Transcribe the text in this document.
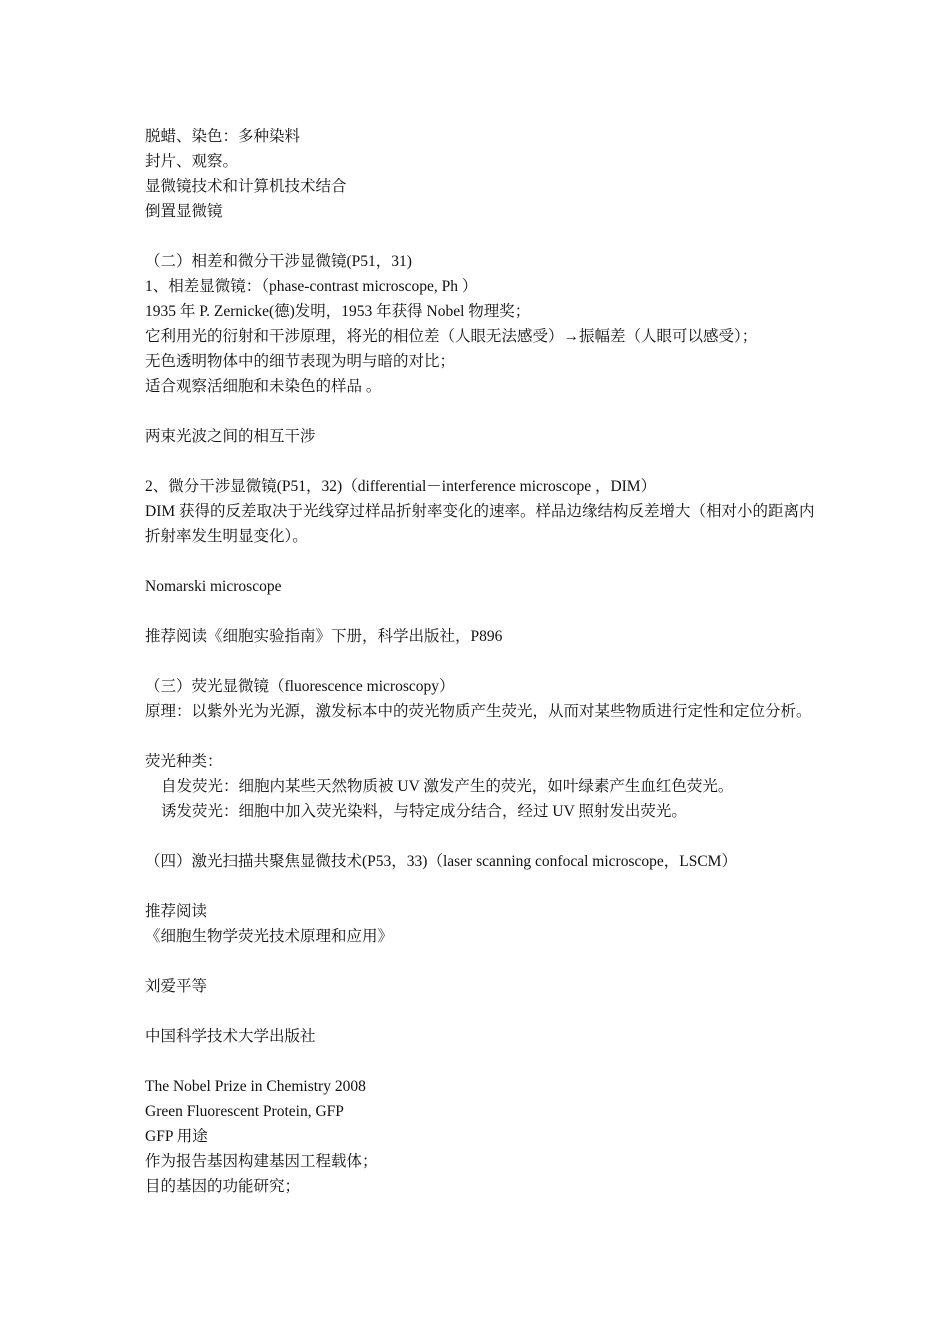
脱蜡、染色：多种染料

封片、观察。

显微镜技术和计算机技术结合

倒置显微镜

（二）相差和微分干涉显微镜(P51，31)

1、相差显微镜：（phase-contrast microscope, Ph ）

1935 年 P. Zernicke(德)发明，1953 年获得 Nobel 物理奖；

它利用光的衍射和干涉原理，将光的相位差（人眼无法感受）→振幅差（人眼可以感受）；

无色透明物体中的细节表现为明与暗的对比；

适合观察活细胞和未染色的样品 。

两束光波之间的相互干涉

2、微分干涉显微镜(P51，32)（differential－interference microscope ，DIM）

DIM 获得的反差取决于光线穿过样品折射率变化的速率。样品边缘结构反差增大（相对小的距离内折射率发生明显变化）。

Nomarski microscope

推荐阅读《细胞实验指南》下册，科学出版社，P896

（三）荧光显微镜（fluorescence microscopy）

原理：以紫外光为光源，激发标本中的荧光物质产生荧光，从而对某些物质进行定性和定位分析。

荧光种类：

自发荧光：细胞内某些天然物质被 UV 激发产生的荧光，如叶绿素产生血红色荧光。

诱发荧光：细胞中加入荧光染料，与特定成分结合，经过 UV 照射发出荧光。

（四）激光扫描共聚焦显微技术(P53，33)（laser scanning confocal microscope，LSCM）

推荐阅读

《细胞生物学荧光技术原理和应用》

刘爱平等

中国科学技术大学出版社

The Nobel Prize in Chemistry 2008

Green Fluorescent Protein, GFP

GFP 用途

作为报告基因构建基因工程载体；

目的基因的功能研究；
